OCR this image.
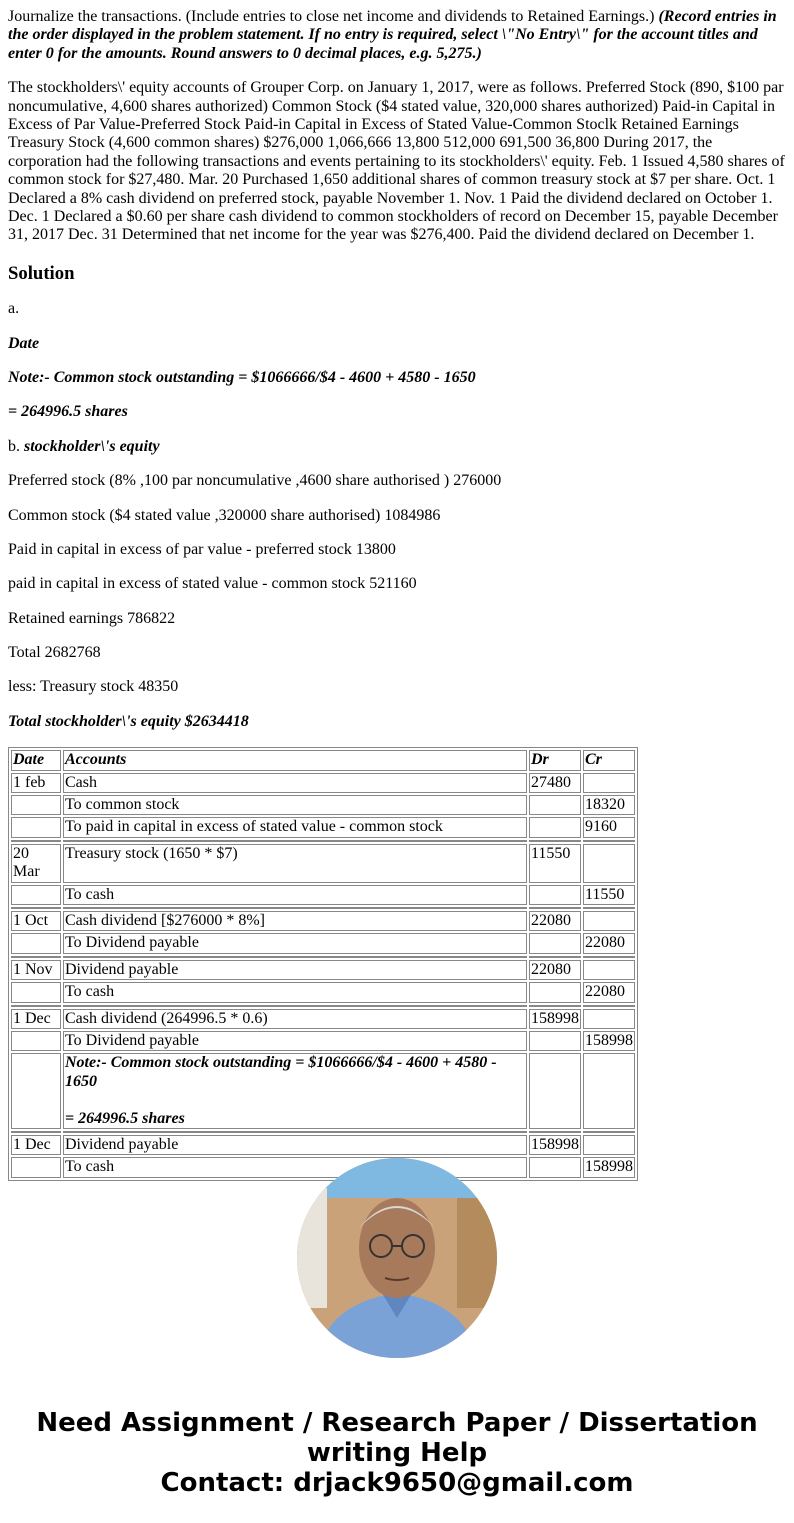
Journalize the transactions. (Include entries to close net income and dividends to Retained Earnings.) (Record entries in the order displayed in the problem statement. If no entry is required, select \"No Entry\" for the account titles and enter 0 for the amounts. Round answers to 0 decimal places, e.g. 5,275.)

The stockholders\' equity accounts of Grouper Corp. on January 1, 2017, were as follows. Preferred Stock (890, $100 par noncumulative, 4,600 shares authorized) Common Stock ($4 stated value, 320,000 shares authorized) Paid-in Capital in Excess of Par Value-Preferred Stock Paid-in Capital in Excess of Stated Value-Common Stoclk Retained Earnings Treasury Stock (4,600 common shares) $276,000 1,066,666 13,800 512,000 691,500 36,800 During 2017, the corporation had the following transactions and events pertaining to its stockholders\' equity. Feb. 1 Issued 4,580 shares of common stock for $27,480. Mar. 20 Purchased 1,650 additional shares of common treasury stock at $7 per share. Oct. 1 Declared a 8% cash dividend on preferred stock, payable November 1. Nov. 1 Paid the dividend declared on October 1. Dec. 1 Declared a $0.60 per share cash dividend to common stockholders of record on December 15, payable December 31, 2017 Dec. 31 Determined that net income for the year was $276,400. Paid the dividend declared on December 1.

Solution

a.

Date

Note:- Common stock outstanding = $1066666/$4 - 4600 + 4580 - 1650

= 264996.5 shares

b. stockholder\'s equity

Preferred stock (8% ,100 par noncumulative ,4600 share authorised ) 276000

Common stock ($4 stated value ,320000 share authorised) 1084986

Paid in capital in excess of par value - preferred stock 13800

paid in capital in excess of stated value - common stock 521160

Retained earnings 786822

Total 2682768

less: Treasury stock 48350

Total stockholder\'s equity $2634418

Date	Accounts	Dr	Cr
1 feb	Cash	27480	
	To common stock		18320
	To paid in capital in excess of stated value - common stock		9160

20 Mar	Treasury stock (1650 * $7)	11550	
	To cash		11550

1 Oct	Cash dividend [$276000 * 8%]	22080	
	To Dividend payable		22080

1 Nov	Dividend payable	22080	
	To cash		22080

1 Dec	Cash dividend (264996.5 * 0.6)	158998	
	To Dividend payable		158998
	Note:- Common stock outstanding = $1066666/$4 - 4600 + 4580 - 1650

= 264996.5 shares		

1 Dec	Dividend payable	158998	
	To cash		158998
Need Assignment / Research Paper / Dissertation writing Help
Contact: drjack9650@gmail.com
